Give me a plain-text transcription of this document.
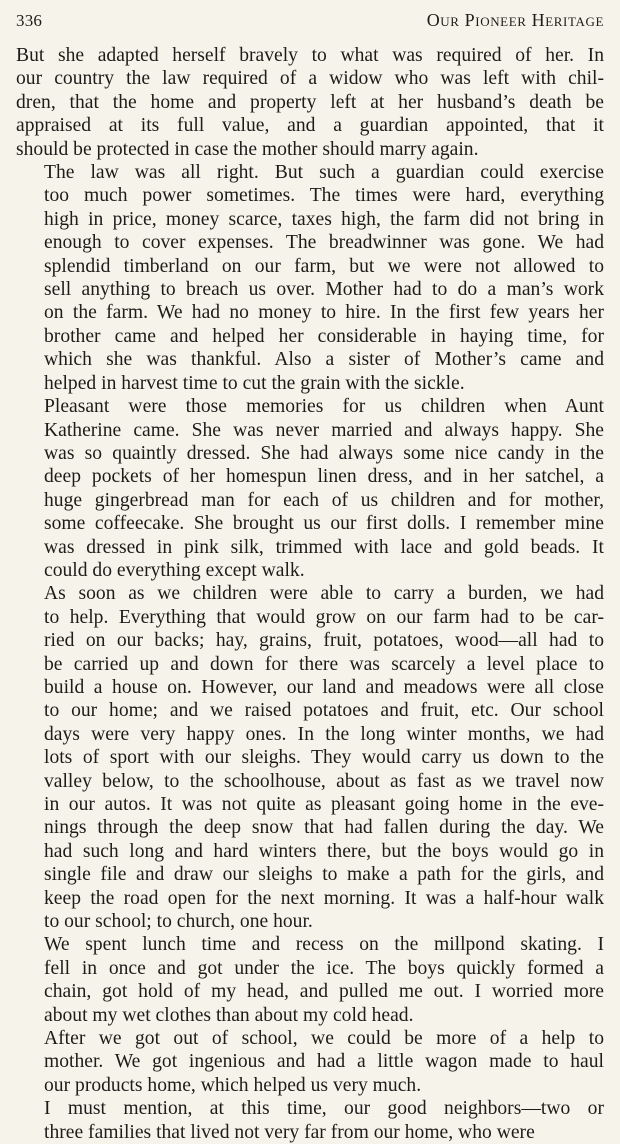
336	Our Pioneer Heritage

But she adapted herself bravely to what was required of her. In
our country the law required of a widow who was left with chil-
dren, that the home and property left at her husband’s death be
appraised at its full value, and a guardian appointed, that it
should be protected in case the mother should marry again.

The law was all right. But such a guardian could exercise
too much power sometimes. The times were hard, everything
high in price, money scarce, taxes high, the farm did not bring in
enough to cover expenses. The breadwinner was gone. We had
splendid timberland on our farm, but we were not allowed to
sell anything to breach us over. Mother had to do a man’s work
on the farm. We had no money to hire. In the first few years her
brother came and helped her considerable in haying time, for
which she was thankful. Also a sister of Mother’s came and
helped in harvest time to cut the grain with the sickle.

Pleasant were those memories for us children when Aunt
Katherine came. She was never married and always happy. She
was so quaintly dressed. She had always some nice candy in the
deep pockets of her homespun linen dress, and in her satchel, a
huge gingerbread man for each of us children and for mother,
some coffeecake. She brought us our first dolls. I remember mine
was dressed in pink silk, trimmed with lace and gold beads. It
could do everything except walk.

As soon as we children were able to carry a burden, we had
to help. Everything that would grow on our farm had to be car-
ried on our backs; hay, grains, fruit, potatoes, wood—all had to
be carried up and down for there was scarcely a level place to
build a house on. However, our land and meadows were all close
to our home; and we raised potatoes and fruit, etc. Our school
days were very happy ones. In the long winter months, we had
lots of sport with our sleighs. They would carry us down to the
valley below, to the schoolhouse, about as fast as we travel now
in our autos. It was not quite as pleasant going home in the eve-
nings through the deep snow that had fallen during the day. We
had such long and hard winters there, but the boys would go in
single file and draw our sleighs to make a path for the girls, and
keep the road open for the next morning. It was a half-hour walk
to our school; to church, one hour.

We spent lunch time and recess on the millpond skating. I
fell in once and got under the ice. The boys quickly formed a
chain, got hold of my head, and pulled me out. I worried more
about my wet clothes than about my cold head.

After we got out of school, we could be more of a help to
mother. We got ingenious and had a little wagon made to haul
our products home, which helped us very much.

I must mention, at this time, our good neighbors—two or
three families that lived not very far from our home, who were
